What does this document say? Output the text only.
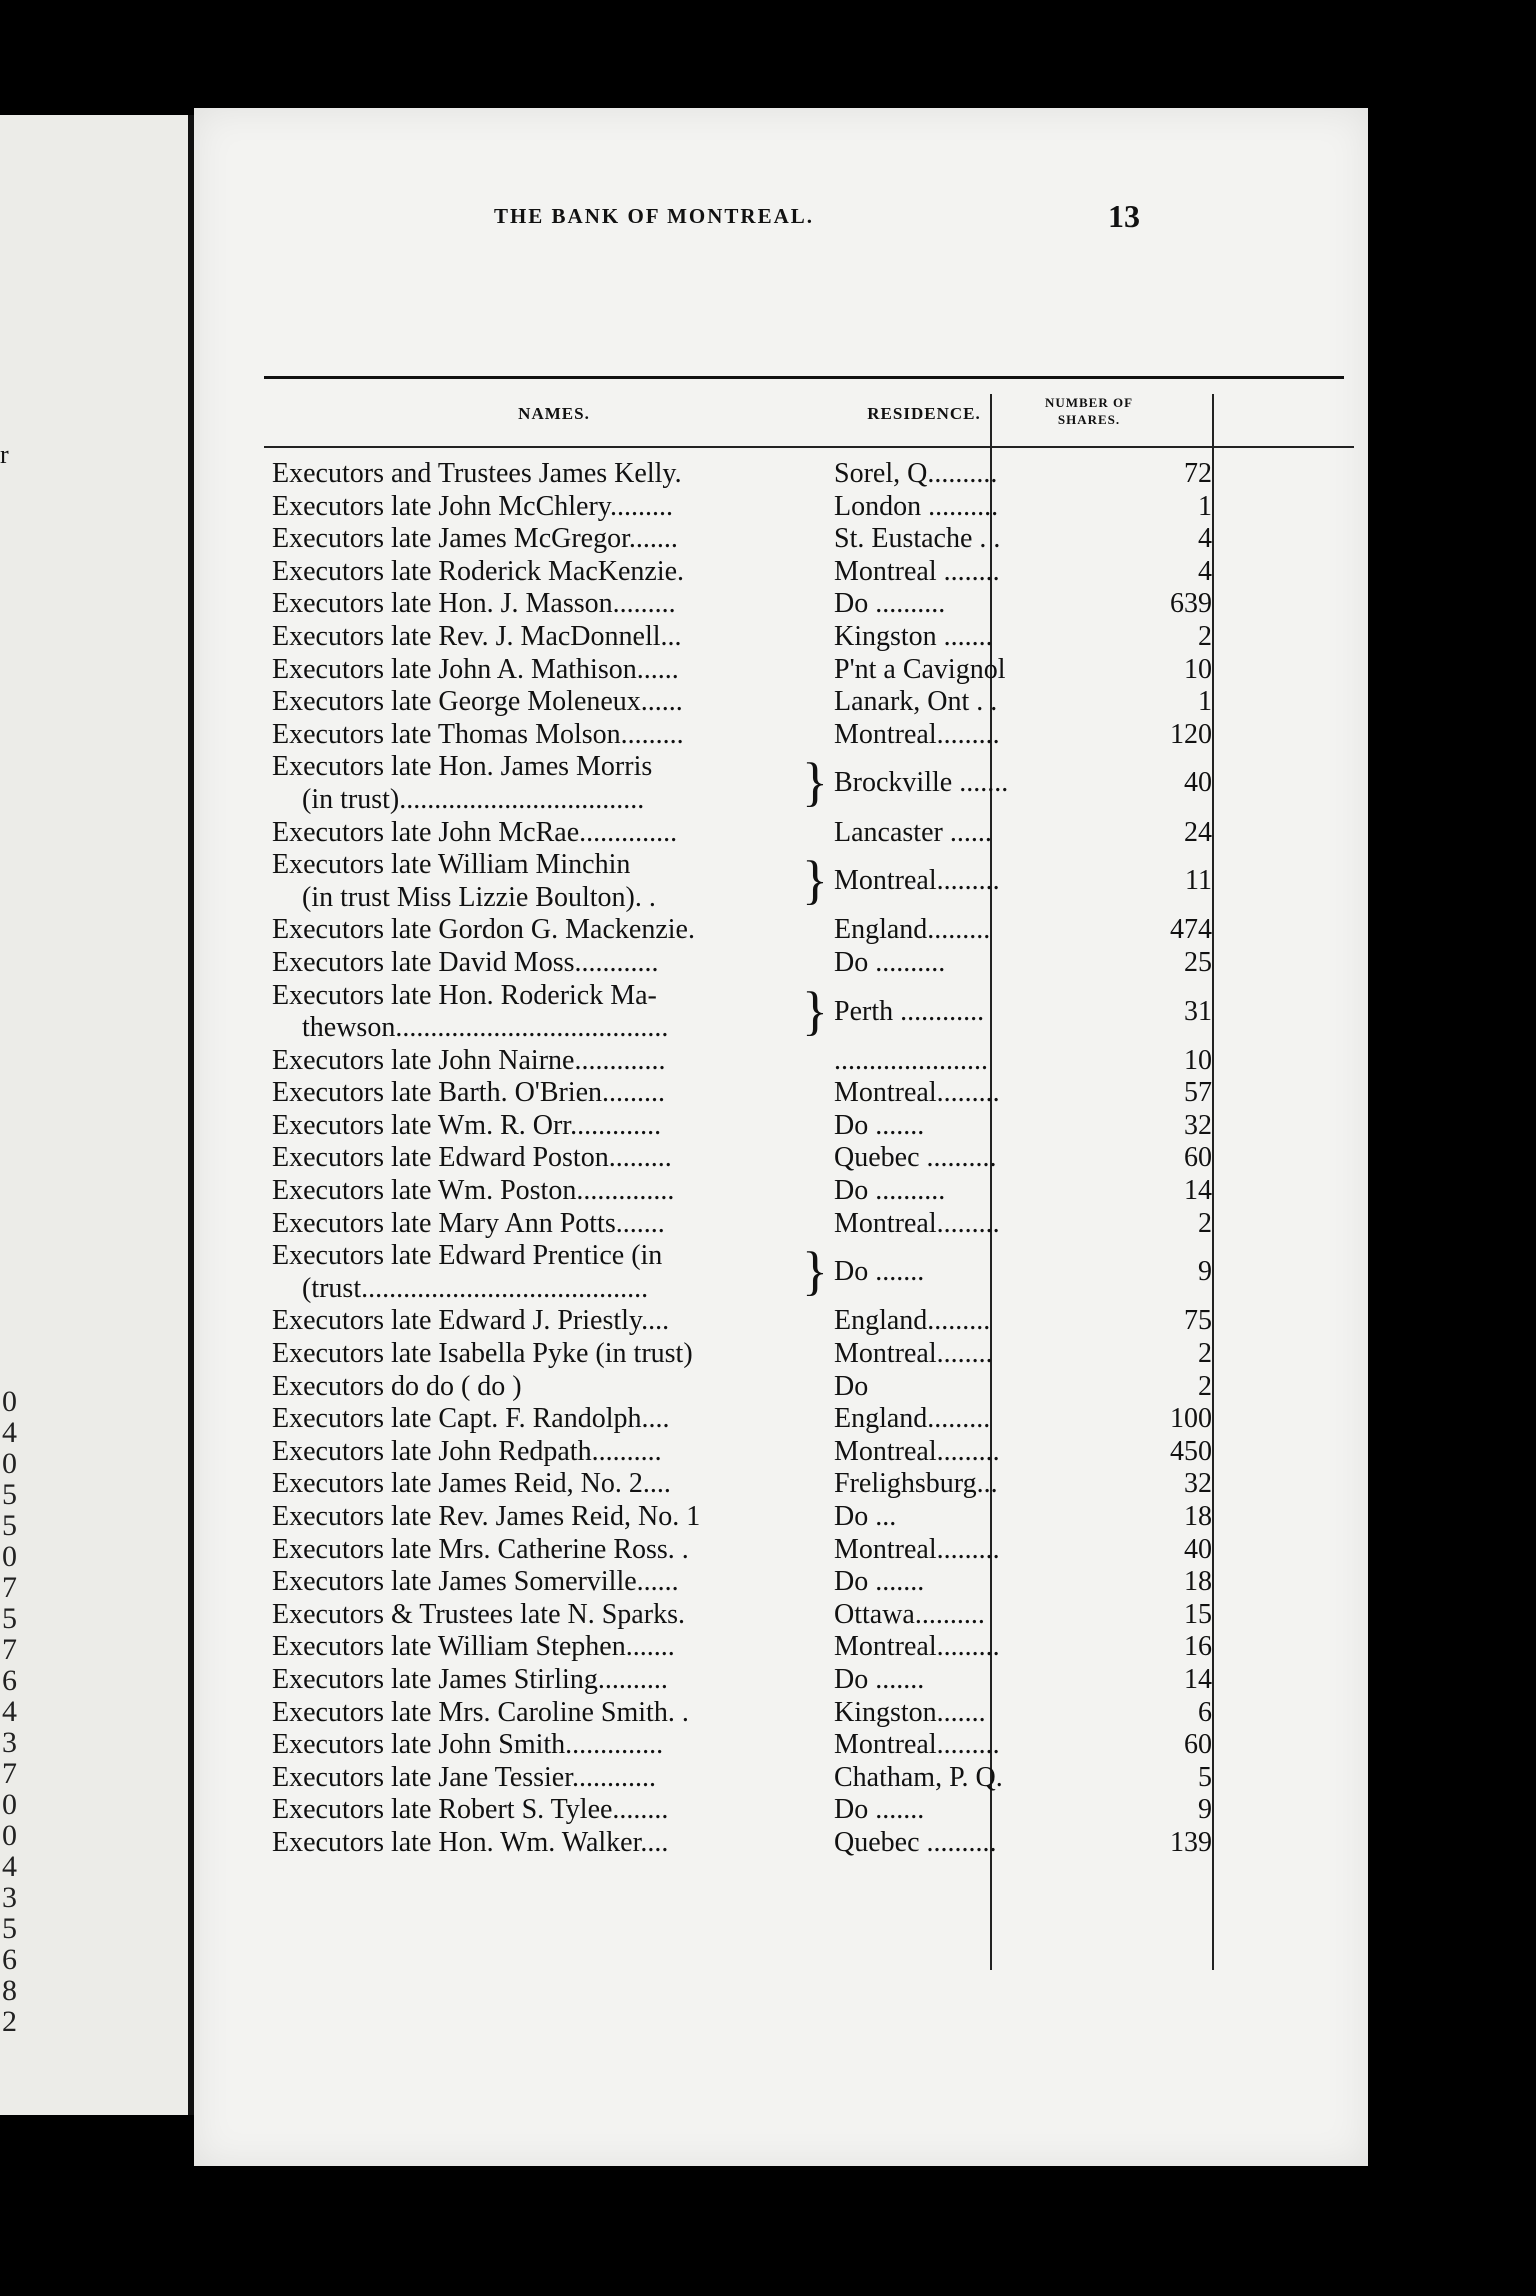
r
0
4
0
5
5
0
7
5
7
6
4
3
7
0
0
4
3
5
6
8
2
THE BANK OF MONTREAL.	13
NAMES.	RESIDENCE.
NUMBER OF
SHARES.
Executors and Trustees James Kelly.	Sorel, Q..........	72
Executors late John McChlery.........	London ..........	1
Executors late James McGregor.......	St. Eustache . .	4
Executors late Roderick MacKenzie.	Montreal ........	4
Executors late Hon. J. Masson.........	Do ..........	639
Executors late Rev. J. MacDonnell...	Kingston .......	2
Executors late John A. Mathison......	P'nt a Cavignol	10
Executors late George Moleneux......	Lanark, Ont . .	1
Executors late Thomas Molson.........	Montreal.........	120
}
Executors late Hon. James Morris
(in trust)...................................
Brockville .......	40
Executors late John McRae..............	Lancaster ......	24
}
Executors late William Minchin
(in trust Miss Lizzie Boulton). .
Montreal.........	11
Executors late Gordon G. Mackenzie.	England.........	474
Executors late David Moss............	Do ..........	25
}
Executors late Hon. Roderick Ma-
thewson.......................................
Perth ............	31
Executors late John Nairne.............	......................	10
Executors late Barth. O'Brien.........	Montreal.........	57
Executors late Wm. R. Orr.............	Do .......	32
Executors late Edward Poston.........	Quebec ..........	60
Executors late Wm. Poston..............	Do ..........	14
Executors late Mary Ann Potts.......	Montreal.........	2
}
Executors late Edward Prentice (in
(trust.........................................
Do .......	9
Executors late Edward J. Priestly....	England.........	75
Executors late Isabella Pyke (in trust)	Montreal........	2
Executors do do ( do )	Do	2
Executors late Capt. F. Randolph....	England.........	100
Executors late John Redpath..........	Montreal.........	450
Executors late James Reid, No. 2....	Frelighsburg...	32
Executors late Rev. James Reid, No. 1	Do ...	18
Executors late Mrs. Catherine Ross. .	Montreal.........	40
Executors late James Somerville......	Do .......	18
Executors & Trustees late N. Sparks.	Ottawa..........	15
Executors late William Stephen.......	Montreal.........	16
Executors late James Stirling..........	Do .......	14
Executors late Mrs. Caroline Smith. .	Kingston.......	6
Executors late John Smith..............	Montreal.........	60
Executors late Jane Tessier............	Chatham, P. Q.	5
Executors late Robert S. Tylee........	Do .......	9
Executors late Hon. Wm. Walker....	Quebec ..........	139
